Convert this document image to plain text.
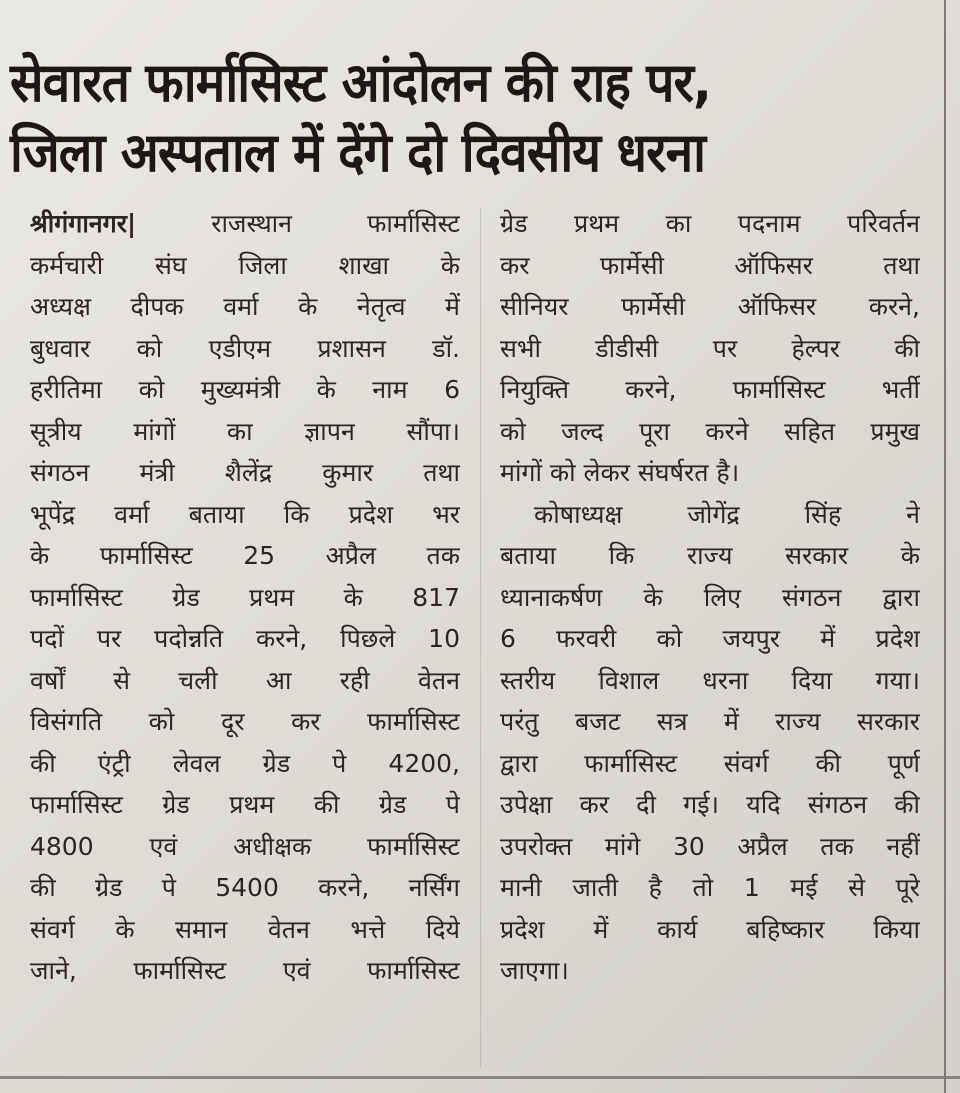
सेवारत फार्मासिस्ट आंदोलन की राह पर,
जिला अस्पताल में देंगे दो दिवसीय धरना
श्रीगंगानगर|	राजस्थान फार्मासिस्ट
कर्मचारी संघ जिला शाखा के
अध्यक्ष दीपक वर्मा के नेतृत्व में
बुधवार को एडीएम प्रशासन डॉ.
हरीतिमा को मुख्यमंत्री के नाम 6
सूत्रीय मांगों का ज्ञापन सौंपा।
संगठन मंत्री शैलेंद्र कुमार तथा
भूपेंद्र वर्मा बताया कि प्रदेश भर
के फार्मासिस्ट 25 अप्रैल तक
फार्मासिस्ट ग्रेड प्रथम के 817
पदों पर पदोन्नति करने, पिछले 10
वर्षों से चली आ रही वेतन
विसंगति को दूर कर फार्मासिस्ट
की एंट्री लेवल ग्रेड पे 4200,
फार्मासिस्ट ग्रेड प्रथम की ग्रेड पे
4800 एवं अधीक्षक फार्मासिस्ट
की ग्रेड पे 5400 करने, नर्सिंग
संवर्ग के समान वेतन भत्ते दिये
जाने, फार्मासिस्ट एवं फार्मासिस्ट
ग्रेड प्रथम का पदनाम परिवर्तन
कर फार्मेसी ऑफिसर तथा
सीनियर फार्मेसी ऑफिसर करने,
सभी डीडीसी पर हेल्पर की
नियुक्ति करने, फार्मासिस्ट भर्ती
को जल्द पूरा करने सहित प्रमुख
मांगों को लेकर संघर्षरत है।
कोषाध्यक्ष जोगेंद्र सिंह ने
बताया कि राज्य सरकार के
ध्यानाकर्षण के लिए संगठन द्वारा
6 फरवरी को जयपुर में प्रदेश
स्तरीय विशाल धरना दिया गया।
परंतु बजट सत्र में राज्य सरकार
द्वारा फार्मासिस्ट संवर्ग की पूर्ण
उपेक्षा कर दी गई। यदि संगठन की
उपरोक्त मांगे 30 अप्रैल तक नहीं
मानी जाती है तो 1 मई से पूरे
प्रदेश में कार्य बहिष्कार किया
जाएगा।
